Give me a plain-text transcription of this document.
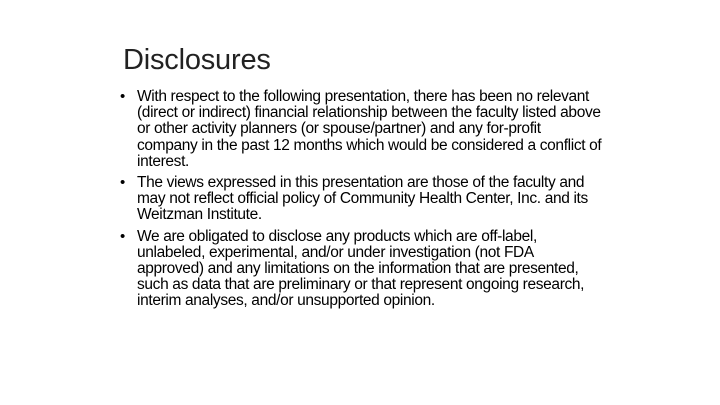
Disclosures
• With respect to the following presentation, there has been no relevant (direct or indirect) financial relationship between the faculty listed above or other activity planners (or spouse/partner) and any for-profit company in the past 12 months which would be considered a conflict of interest.
• The views expressed in this presentation are those of the faculty and may not reflect official policy of Community Health Center, Inc. and its Weitzman Institute.
• We are obligated to disclose any products which are off-label, unlabeled, experimental, and/or under investigation (not FDA approved) and any limitations on the information that are presented, such as data that are preliminary or that represent ongoing research, interim analyses, and/or unsupported opinion.
